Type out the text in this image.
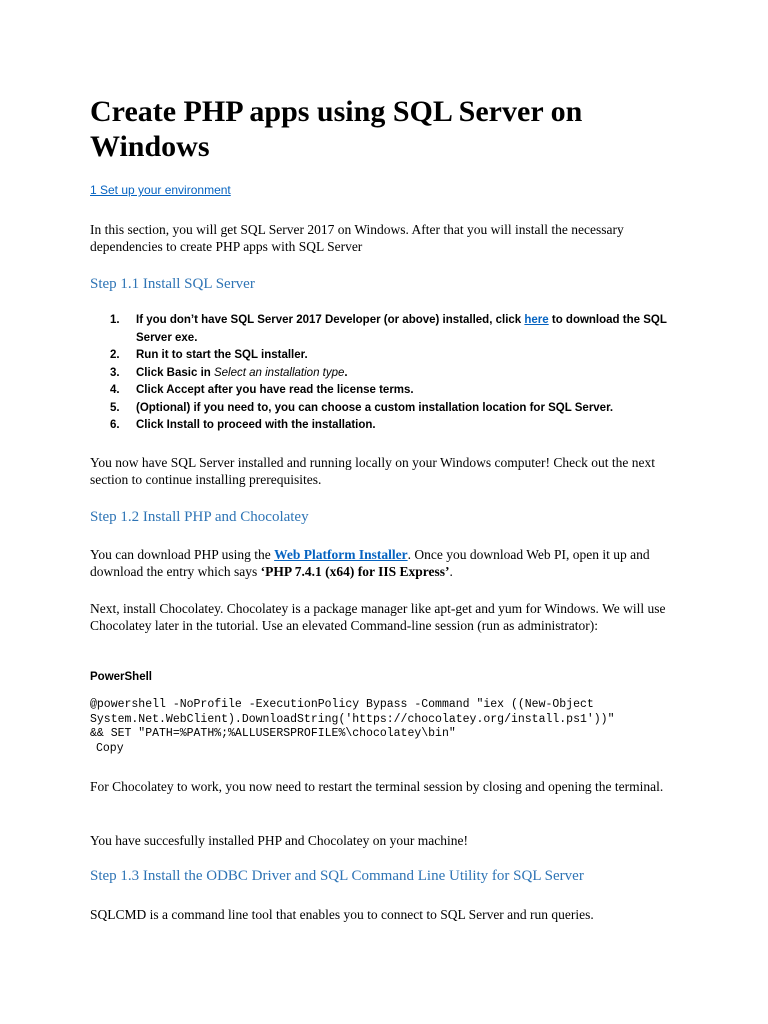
Create PHP apps using SQL Server on Windows
1 Set up your environment

In this section, you will get SQL Server 2017 on Windows. After that you will install the necessary dependencies to create PHP apps with SQL Server

Step 1.1 Install SQL Server
1. If you don’t have SQL Server 2017 Developer (or above) installed, click here to download the SQL Server exe.
2. Run it to start the SQL installer.
3. Click Basic in Select an installation type.
4. Click Accept after you have read the license terms.
5. (Optional) if you need to, you can choose a custom installation location for SQL Server.
6. Click Install to proceed with the installation.

You now have SQL Server installed and running locally on your Windows computer! Check out the next section to continue installing prerequisites.

Step 1.2 Install PHP and Chocolatey

You can download PHP using the Web Platform Installer. Once you download Web PI, open it up and download the entry which says ‘PHP 7.4.1 (x64) for IIS Express’.

Next, install Chocolatey. Chocolatey is a package manager like apt-get and yum for Windows. We will use Chocolatey later in the tutorial. Use an elevated Command-line session (run as administrator):

PowerShell
@powershell -NoProfile -ExecutionPolicy Bypass -Command "iex ((New-Object
System.Net.WebClient).DownloadString('https://chocolatey.org/install.ps1'))"
&& SET "PATH=%PATH%;%ALLUSERSPROFILE%\chocolatey\bin"
Copy

For Chocolatey to work, you now need to restart the terminal session by closing and opening the terminal.

You have succesfully installed PHP and Chocolatey on your machine!

Step 1.3 Install the ODBC Driver and SQL Command Line Utility for SQL Server

SQLCMD is a command line tool that enables you to connect to SQL Server and run queries.
